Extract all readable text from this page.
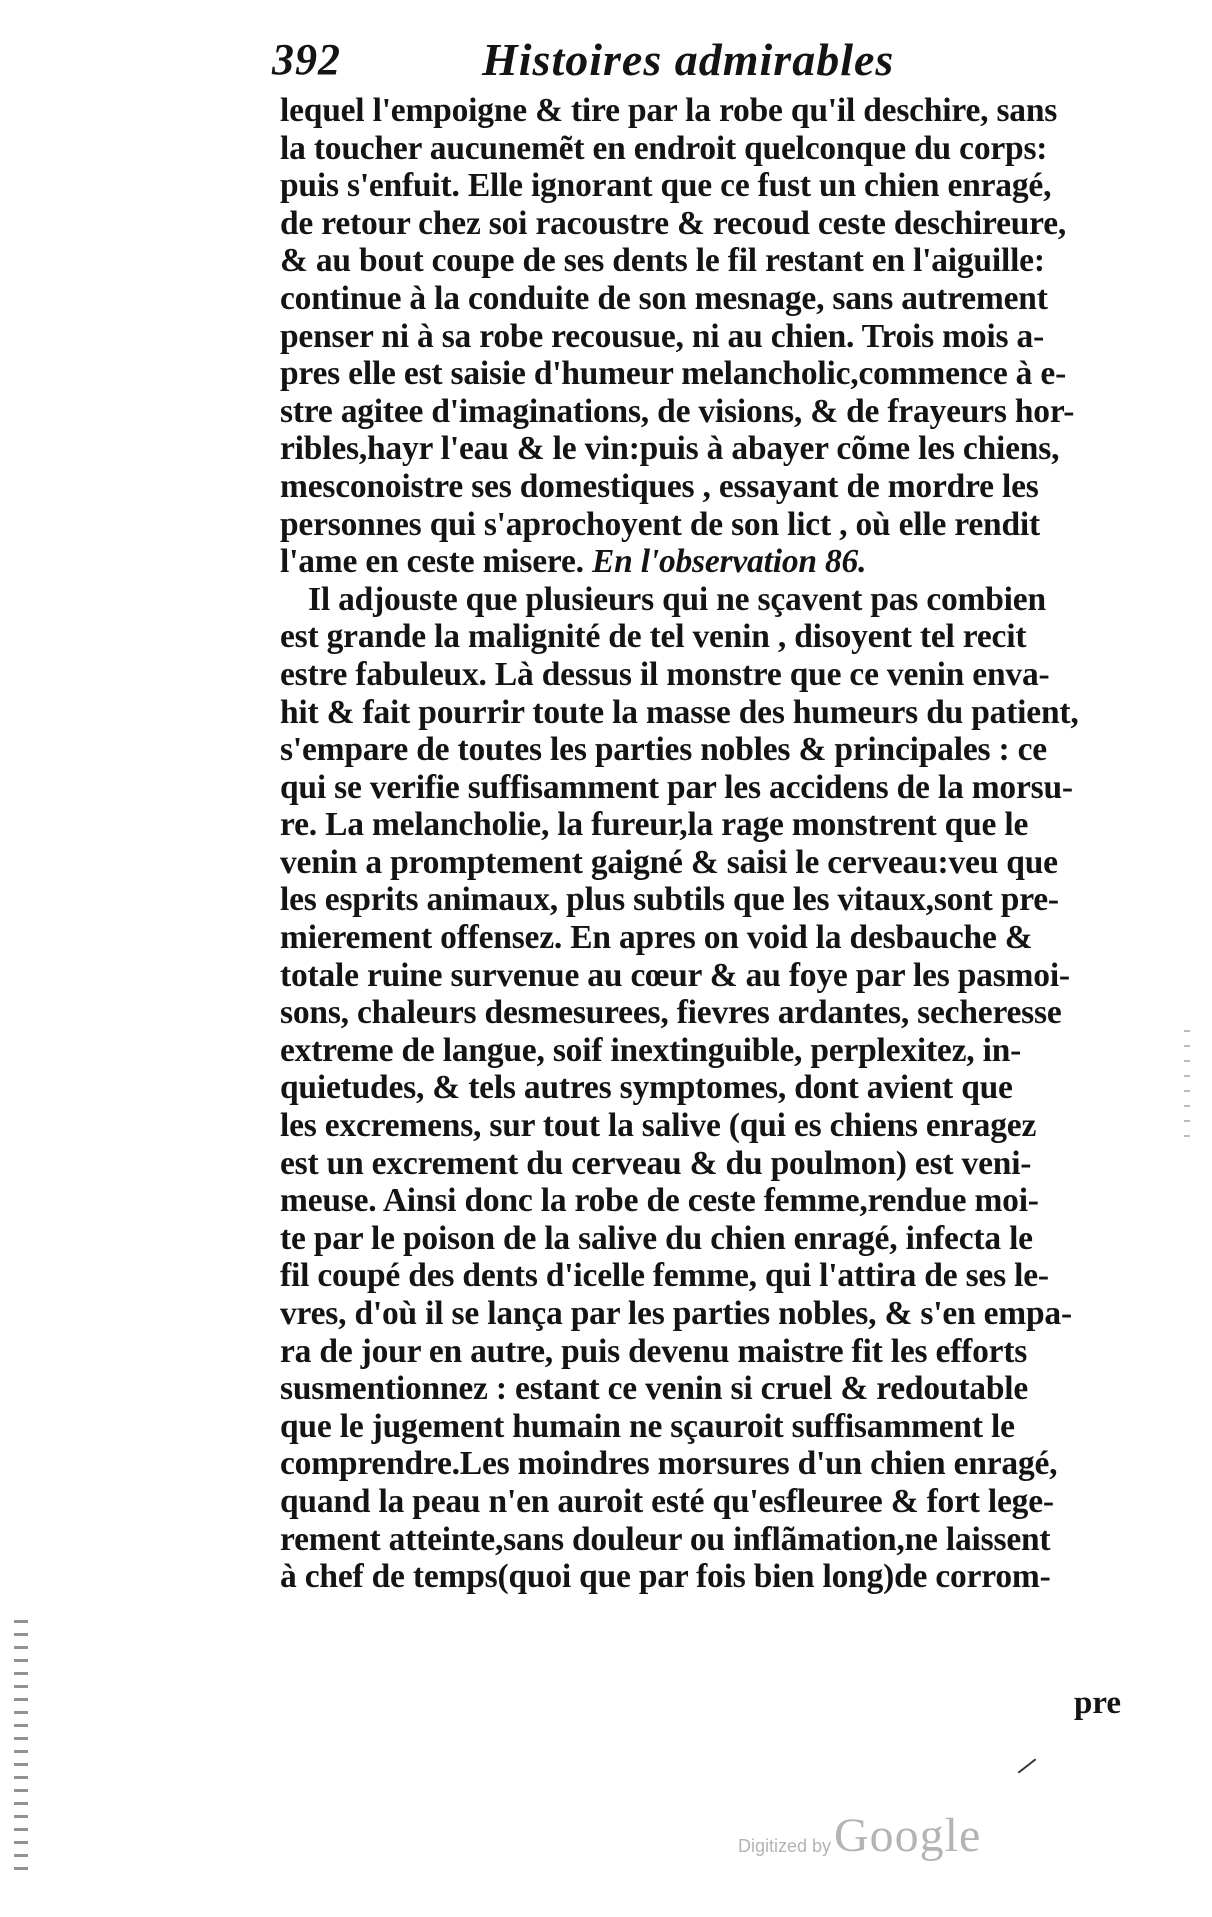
392	Histoires admirables
lequel l'empoigne & tire par la robe qu'il deschire, sans
la toucher aucunemẽt en endroit quelconque du corps:
puis s'enfuit. Elle ignorant que ce fust un chien enragé,
de retour chez soi racoustre & recoud ceste deschireure,
& au bout coupe de ses dents le fil restant en l'aiguille:
continue à la conduite de son mesnage, sans autrement
penser ni à sa robe recousue, ni au chien. Trois mois a-
pres elle est saisie d'humeur melancholic,commence à e-
stre agitee d'imaginations, de visions, & de frayeurs hor-
ribles,hayr l'eau & le vin:puis à abayer cõme les chiens,
mesconoistre ses domestiques , essayant de mordre les
personnes qui s'aprochoyent de son lict , où elle rendit
l'ame en ceste misere. En l'observation 86.
Il adjouste que plusieurs qui ne sçavent pas combien
est grande la malignité de tel venin , disoyent tel recit
estre fabuleux. Là dessus il monstre que ce venin enva-
hit & fait pourrir toute la masse des humeurs du patient,
s'empare de toutes les parties nobles & principales : ce
qui se verifie suffisamment par les accidens de la morsu-
re. La melancholie, la fureur,la rage monstrent que le
venin a promptement gaigné & saisi le cerveau:veu que
les esprits animaux, plus subtils que les vitaux,sont pre-
mierement offensez. En apres on void la desbauche &
totale ruine survenue au cœur & au foye par les pasmoi-
sons, chaleurs desmesurees, fievres ardantes, secheresse
extreme de langue, soif inextinguible, perplexitez, in-
quietudes, & tels autres symptomes, dont avient que
les excremens, sur tout la salive (qui es chiens enragez
est un excrement du cerveau & du poulmon) est veni-
meuse. Ainsi donc la robe de ceste femme,rendue moi-
te par le poison de la salive du chien enragé, infecta le
fil coupé des dents d'icelle femme, qui l'attira de ses le-
vres, d'où il se lança par les parties nobles, & s'en empa-
ra de jour en autre, puis devenu maistre fit les efforts
susmentionnez : estant ce venin si cruel & redoutable
que le jugement humain ne sçauroit suffisamment le
comprendre.Les moindres morsures d'un chien enragé,
quand la peau n'en auroit esté qu'esfleuree & fort lege-
rement atteinte,sans douleur ou inflãmation,ne laissent
à chef de temps(quoi que par fois bien long)de corrom-
pre
Digitized by Google
